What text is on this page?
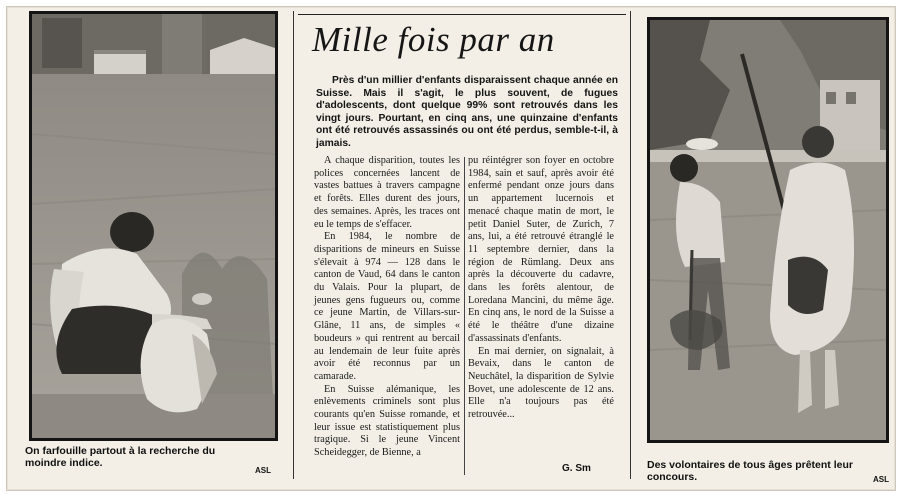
On farfouille partout à la recherche du moindre indice.
ASL
Mille fois par an

Près d'un millier d'enfants disparaissent chaque année en Suisse. Mais il s'agit, le plus souvent, de fugues d'adolescents, dont quelque 99% sont retrouvés dans les vingt jours. Pourtant, en cinq ans, une quinzaine d'enfants ont été retrouvés assassinés ou ont été perdus, semble-t-il, à jamais.

A chaque disparition, toutes les polices concernées lancent de vastes battues à travers campagne et forêts. Elles durent des jours, des semaines. Après, les traces ont eu le temps de s'effacer.

En 1984, le nombre de disparitions de mineurs en Suisse s'élevait à 974 — 128 dans le canton de Vaud, 64 dans le canton du Valais. Pour la plupart, de jeunes gens fugueurs ou, comme ce jeune Martin, de Villars-sur-Glâne, 11 ans, de simples « boudeurs » qui rentrent au bercail au lendemain de leur fuite après avoir été reconnus par un camarade.

En Suisse alémanique, les enlèvements criminels sont plus courants qu'en Suisse romande, et leur issue est statistiquement plus tragique. Si le jeune Vincent Scheidegger, de Bienne, a

pu réintégrer son foyer en octobre 1984, sain et sauf, après avoir été enfermé pendant onze jours dans un appartement lucernois et menacé chaque matin de mort, le petit Daniel Suter, de Zurich, 7 ans, lui, a été retrouvé étranglé le 11 septembre dernier, dans la région de Rümlang. Deux ans après la découverte du cadavre, dans les forêts alentour, de Loredana Mancini, du même âge. En cinq ans, le nord de la Suisse a été le théâtre d'une dizaine d'assassinats d'enfants.

En mai dernier, on signalait, à Bevaix, dans le canton de Neuchâtel, la disparition de Sylvie Bovet, une adolescente de 12 ans. Elle n'a toujours pas été retrouvée...

G. Sm	Des volontaires de tous âges prêtent leur concours.	ASL
